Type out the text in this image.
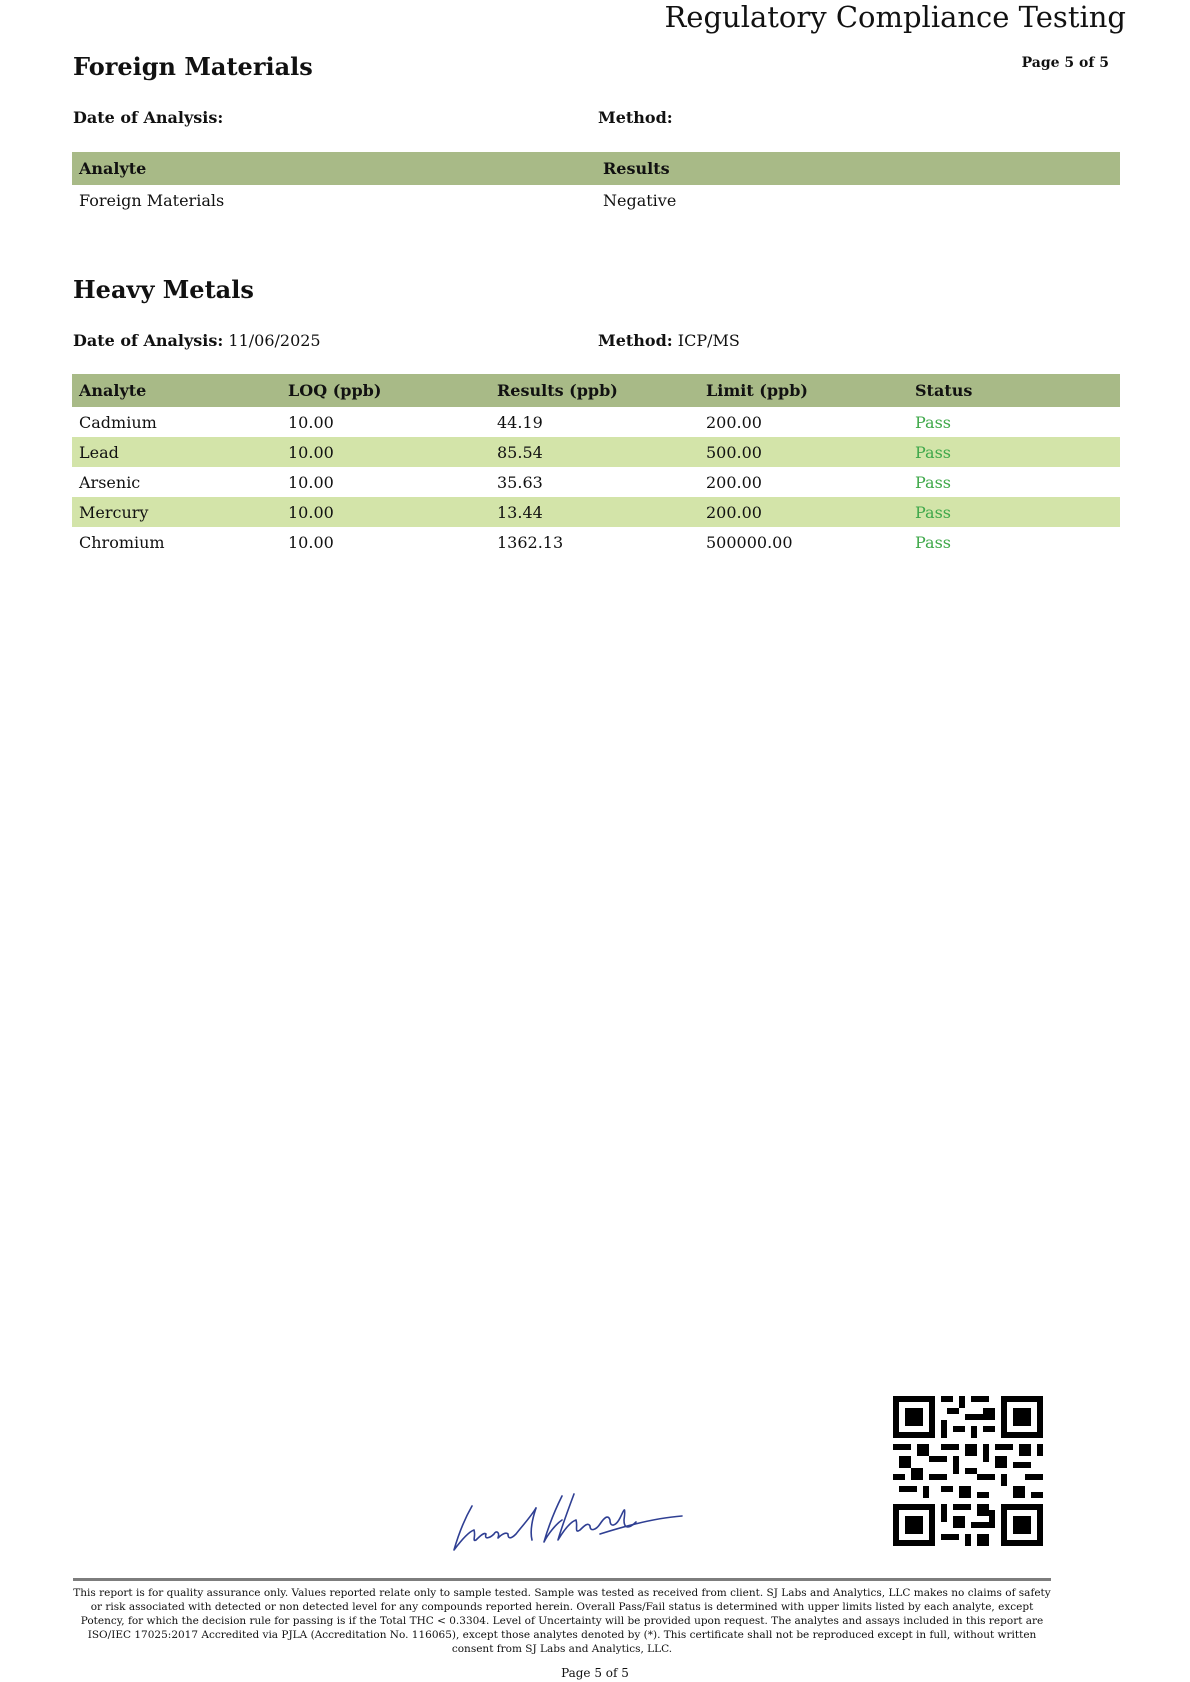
Regulatory Compliance Testing
Page 5 of 5
Foreign Materials
Date of Analysis:	Method:
Analyte	Results
Foreign Materials	Negative
Heavy Metals
Date of Analysis: 11/06/2025	Method: ICP/MS
Analyte	LOQ (ppb)	Results (ppb)	Limit (ppb)	Status
Cadmium	10.00	44.19	200.00	Pass
Lead	10.00	85.54	500.00	Pass
Arsenic	10.00	35.63	200.00	Pass
Mercury	10.00	13.44	200.00	Pass
Chromium	10.00	1362.13	500000.00	Pass
This report is for quality assurance only. Values reported relate only to sample tested. Sample was tested as received from client. SJ Labs and Analytics, LLC makes no claims of safety or risk associated with detected or non detected level for any compounds reported herein. Overall Pass/Fail status is determined with upper limits listed by each analyte, except Potency, for which the decision rule for passing is if the Total THC < 0.3304. Level of Uncertainty will be provided upon request. The analytes and assays included in this report are ISO/IEC 17025:2017 Accredited via PJLA (Accreditation No. 116065), except those analytes denoted by (*). This certificate shall not be reproduced except in full, without written consent from SJ Labs and Analytics, LLC.
Page 5 of 5
